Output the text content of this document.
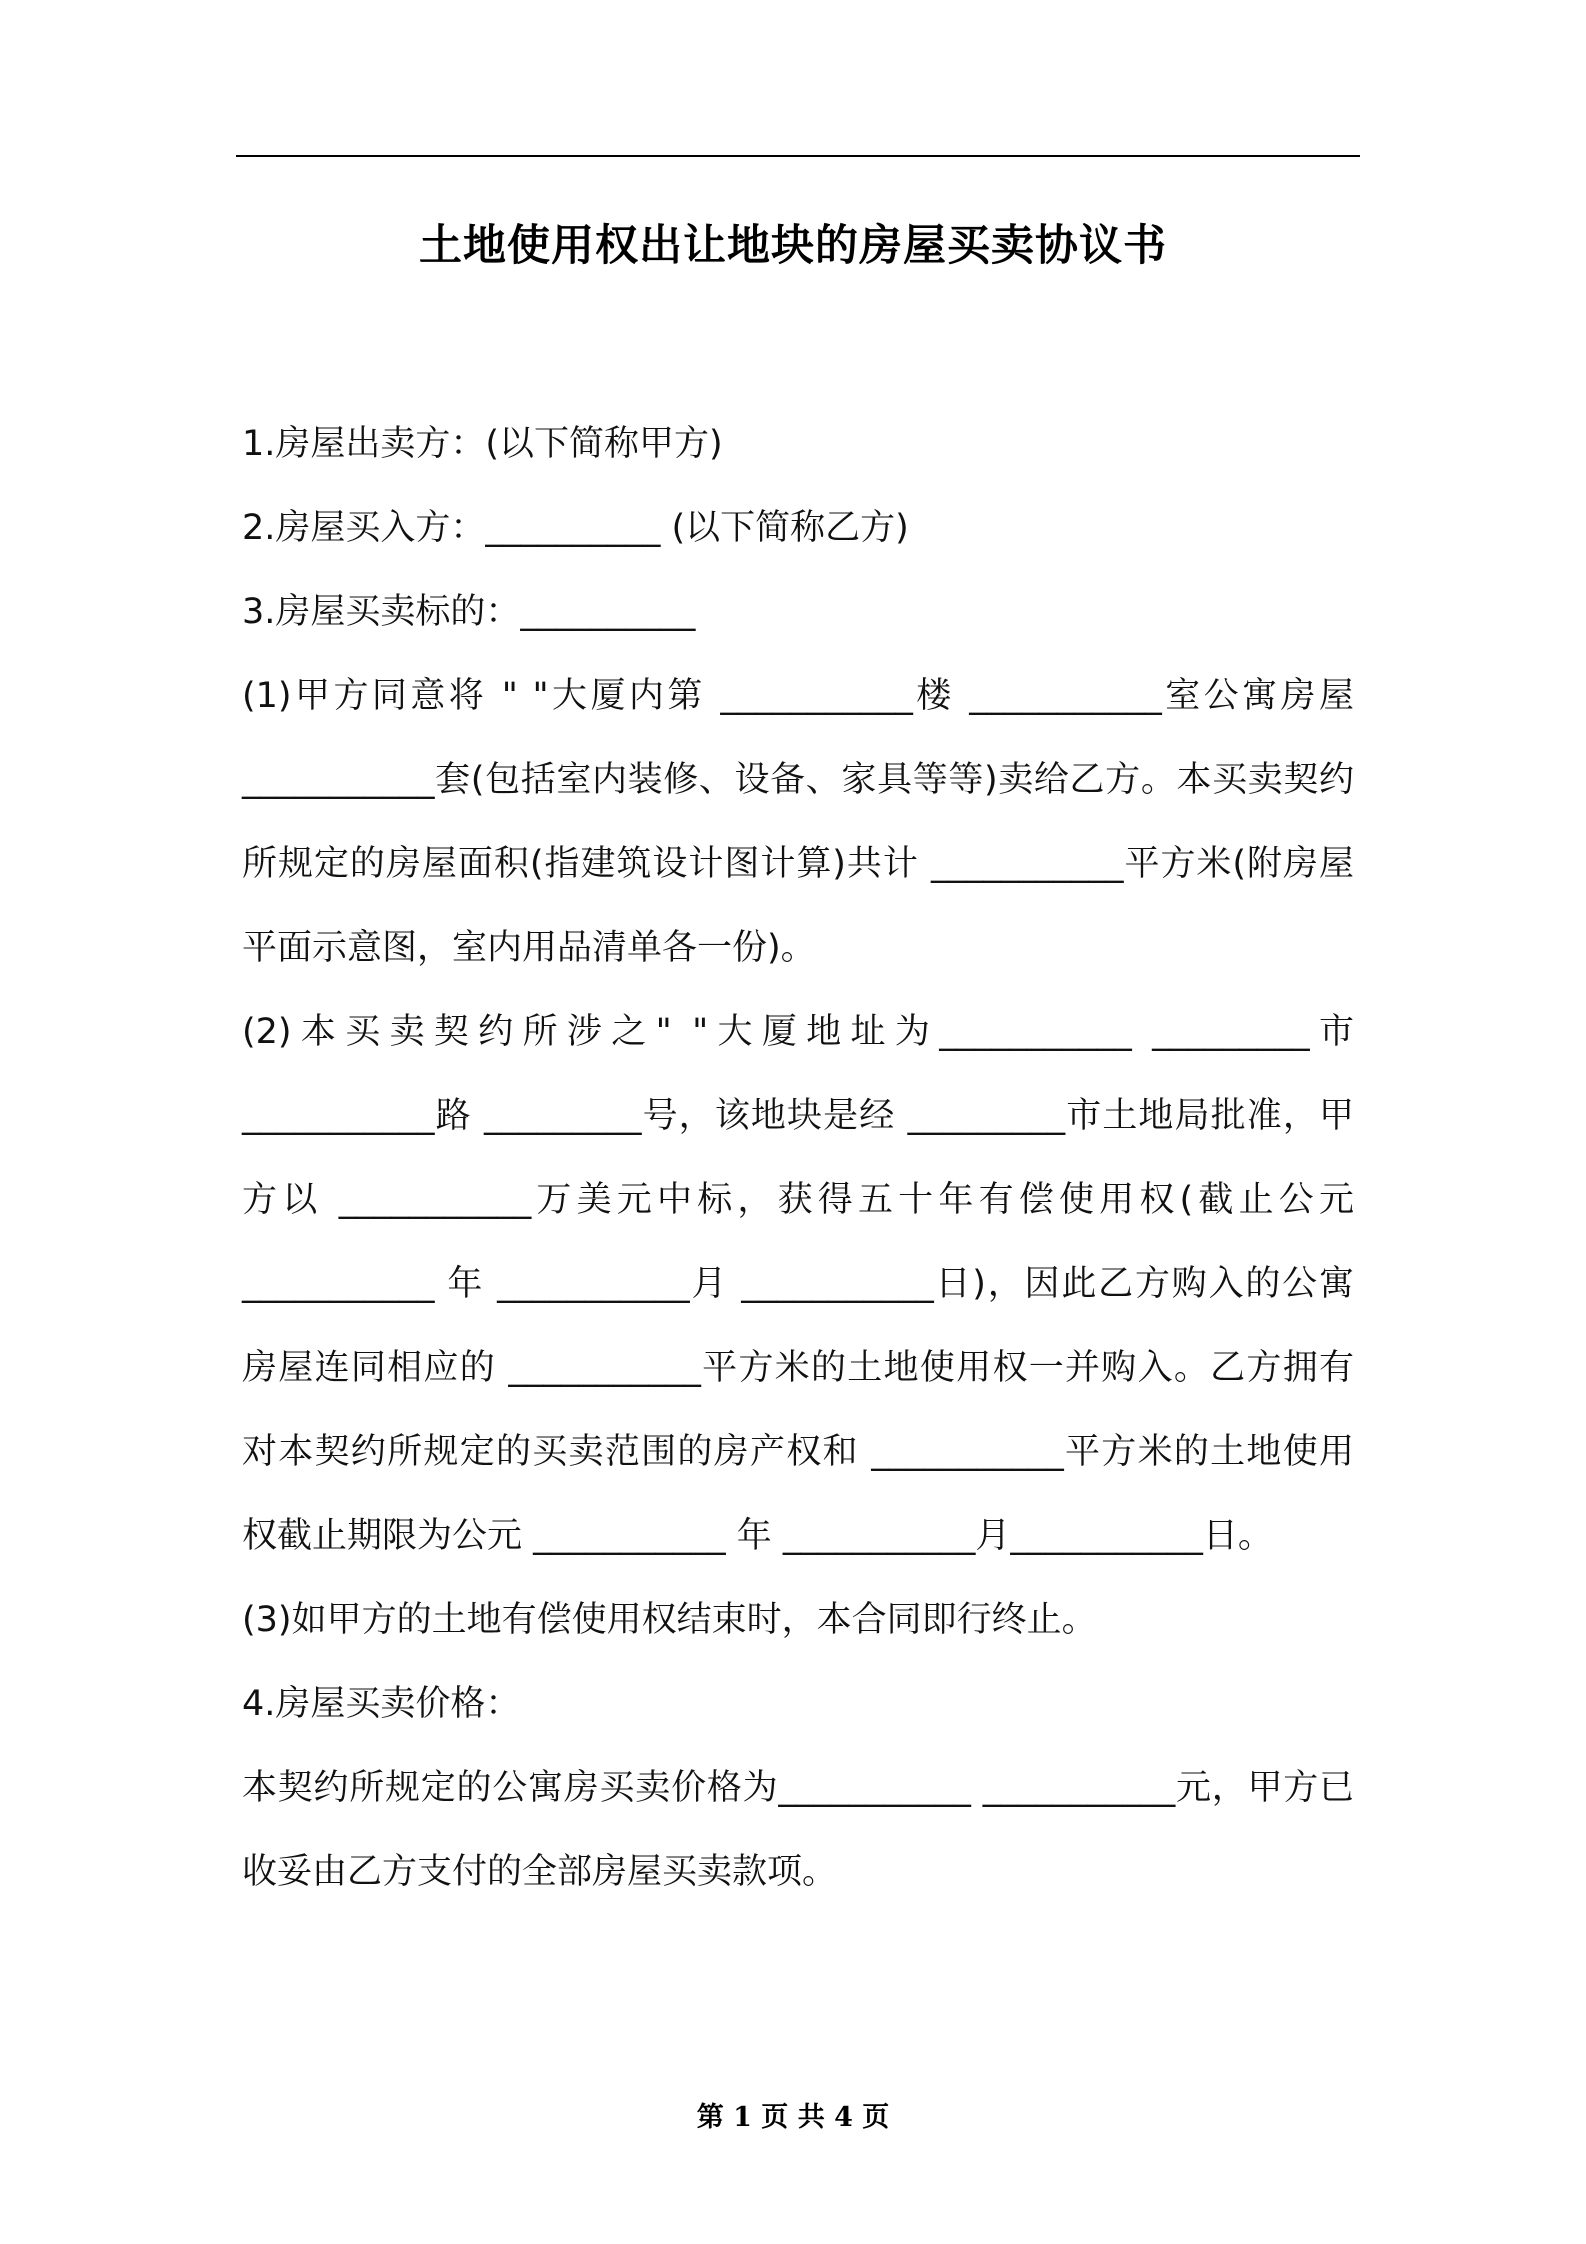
土地使用权出让地块的房屋买卖协议书

1.房屋出卖方：(以下简称甲方)

2.房屋买入方：__________ (以下简称乙方)

3.房屋买卖标的：__________

(1)甲方同意将 " "大厦内第 ___________楼 ___________室公寓房屋 ___________套(包括室内装修、设备、家具等等)卖给乙方。本买卖契约所规定的房屋面积(指建筑设计图计算)共计 ___________平方米(附房屋平面示意图，室内用品清单各一份)。

(2)本买卖契约所涉之" "大厦地址为___________ _________市___________路 _________号，该地块是经 _________市土地局批准，甲方以 ___________万美元中标，获得五十年有偿使用权(截止公元___________ 年 ___________月 ___________日)，因此乙方购入的公寓房屋连同相应的 ___________平方米的土地使用权一并购入。乙方拥有对本契约所规定的买卖范围的房产权和 ___________平方米的土地使用权截止期限为公元 ___________ 年 ___________月___________日。

(3)如甲方的土地有偿使用权结束时，本合同即行终止。

4.房屋买卖价格：

本契约所规定的公寓房买卖价格为___________ ___________元，甲方已收妥由乙方支付的全部房屋买卖款项。

第 1 页 共 4 页
